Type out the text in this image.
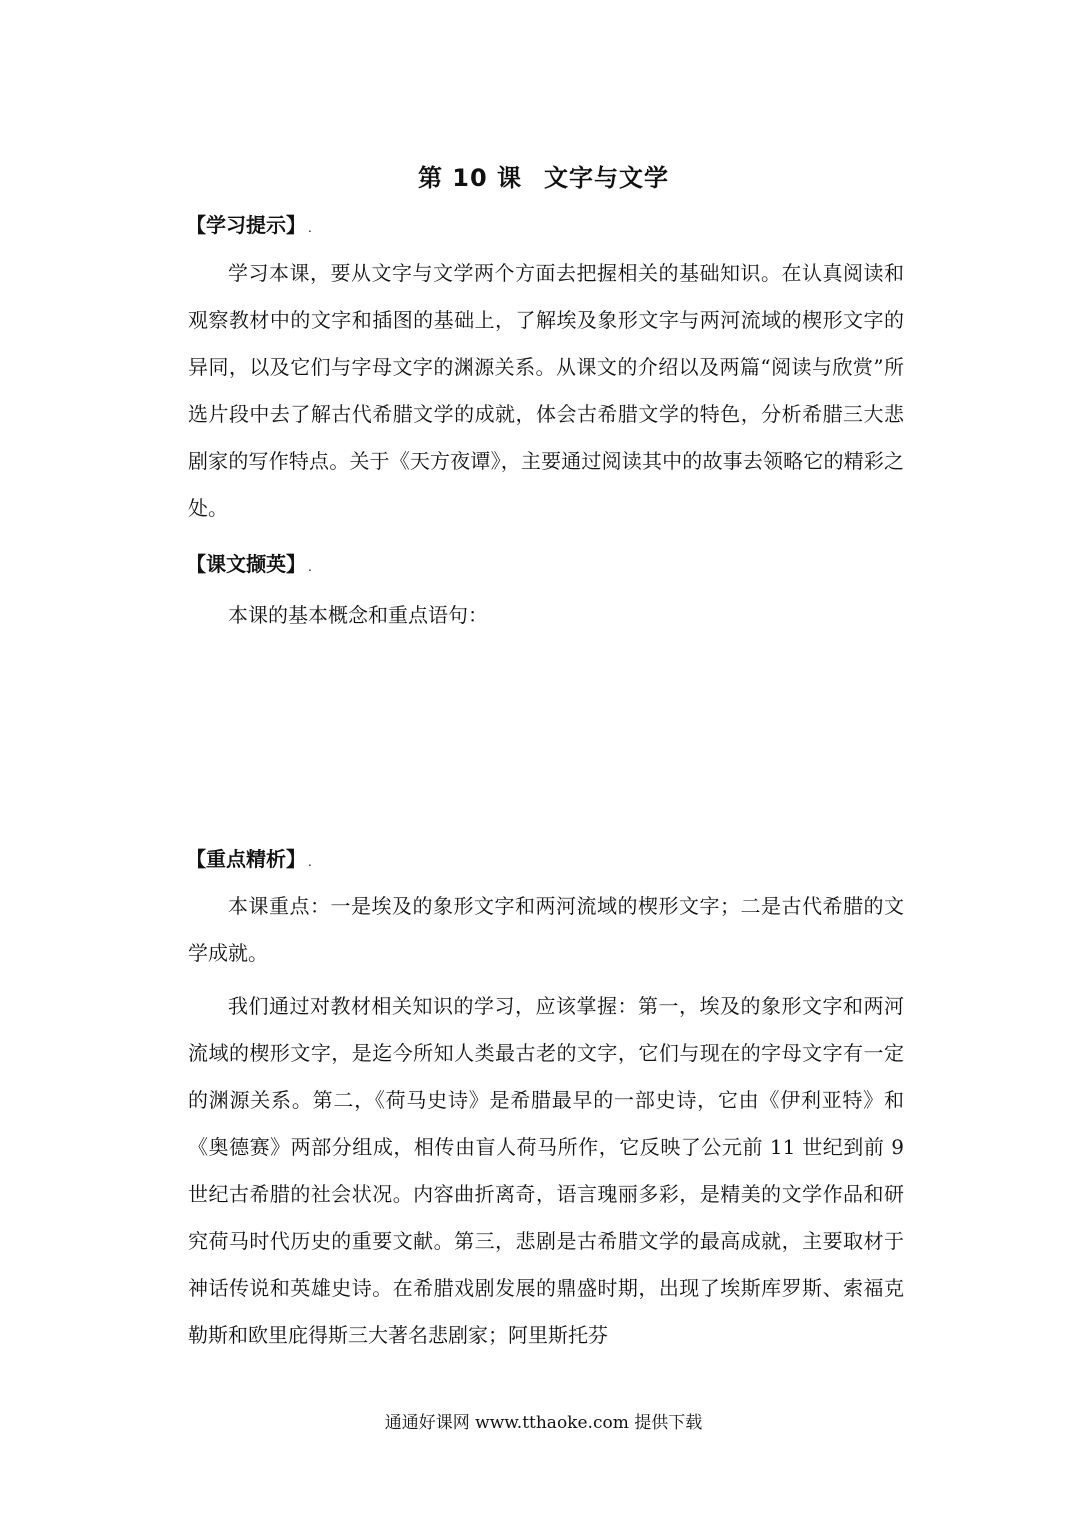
第 10 课 文字与文学
【学习提示】 .

学习本课，要从文字与文学两个方面去把握相关的基础知识。在认真阅读和观察教材中的文字和插图的基础上，了解埃及象形文字与两河流域的楔形文字的异同，以及它们与字母文字的渊源关系。从课文的介绍以及两篇“阅读与欣赏”所选片段中去了解古代希腊文学的成就，体会古希腊文学的特色，分析希腊三大悲剧家的写作特点。关于《天方夜谭》，主要通过阅读其中的故事去领略它的精彩之处。

【课文撷英】 .

本课的基本概念和重点语句：

【重点精析】 .

本课重点：一是埃及的象形文字和两河流域的楔形文字；二是古代希腊的文学成就。

我们通过对教材相关知识的学习，应该掌握：第一，埃及的象形文字和两河流域的楔形文字，是迄今所知人类最古老的文字，它们与现在的字母文字有一定的渊源关系。第二，《荷马史诗》是希腊最早的一部史诗，它由《伊利亚特》和《奥德赛》两部分组成，相传由盲人荷马所作，它反映了公元前 11 世纪到前 9 世纪古希腊的社会状况。内容曲折离奇，语言瑰丽多彩，是精美的文学作品和研究荷马时代历史的重要文献。第三，悲剧是古希腊文学的最高成就，主要取材于神话传说和英雄史诗。在希腊戏剧发展的鼎盛时期，出现了埃斯库罗斯、索福克勒斯和欧里庇得斯三大著名悲剧家；阿里斯托芬

通通好课网 www.tthaoke.com 提供下载
